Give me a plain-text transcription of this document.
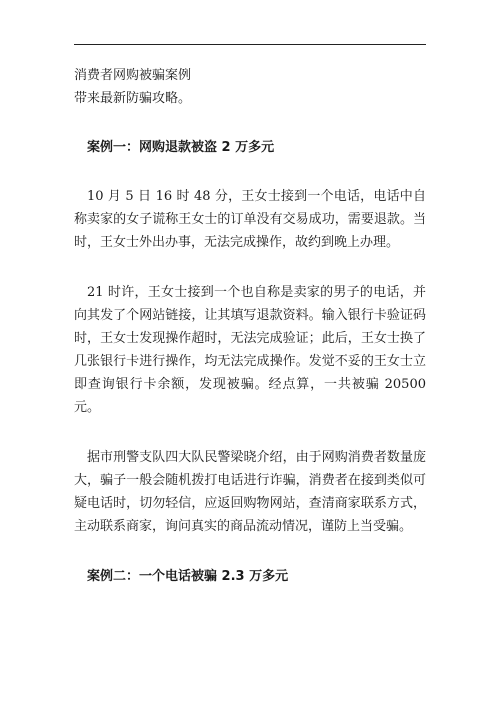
消费者网购被骗案例

带来最新防骗攻略。

案例一：网购退款被盗 2 万多元

10 月 5 日 16 时 48 分，王女士接到一个电话，电话中自称卖家的女子谎称王女士的订单没有交易成功，需要退款。当时，王女士外出办事，无法完成操作，故约到晚上办理。

21 时许，王女士接到一个也自称是卖家的男子的电话，并向其发了个网站链接，让其填写退款资料。输入银行卡验证码时，王女士发现操作超时，无法完成验证；此后，王女士换了几张银行卡进行操作，均无法完成操作。发觉不妥的王女士立即查询银行卡余额，发现被骗。经点算，一共被骗 20500 元。

据市刑警支队四大队民警梁晓介绍，由于网购消费者数量庞大，骗子一般会随机拨打电话进行诈骗，消费者在接到类似可疑电话时，切勿轻信，应返回购物网站，查清商家联系方式，主动联系商家，询问真实的商品流动情况，谨防上当受骗。

案例二：一个电话被骗 2.3 万多元
